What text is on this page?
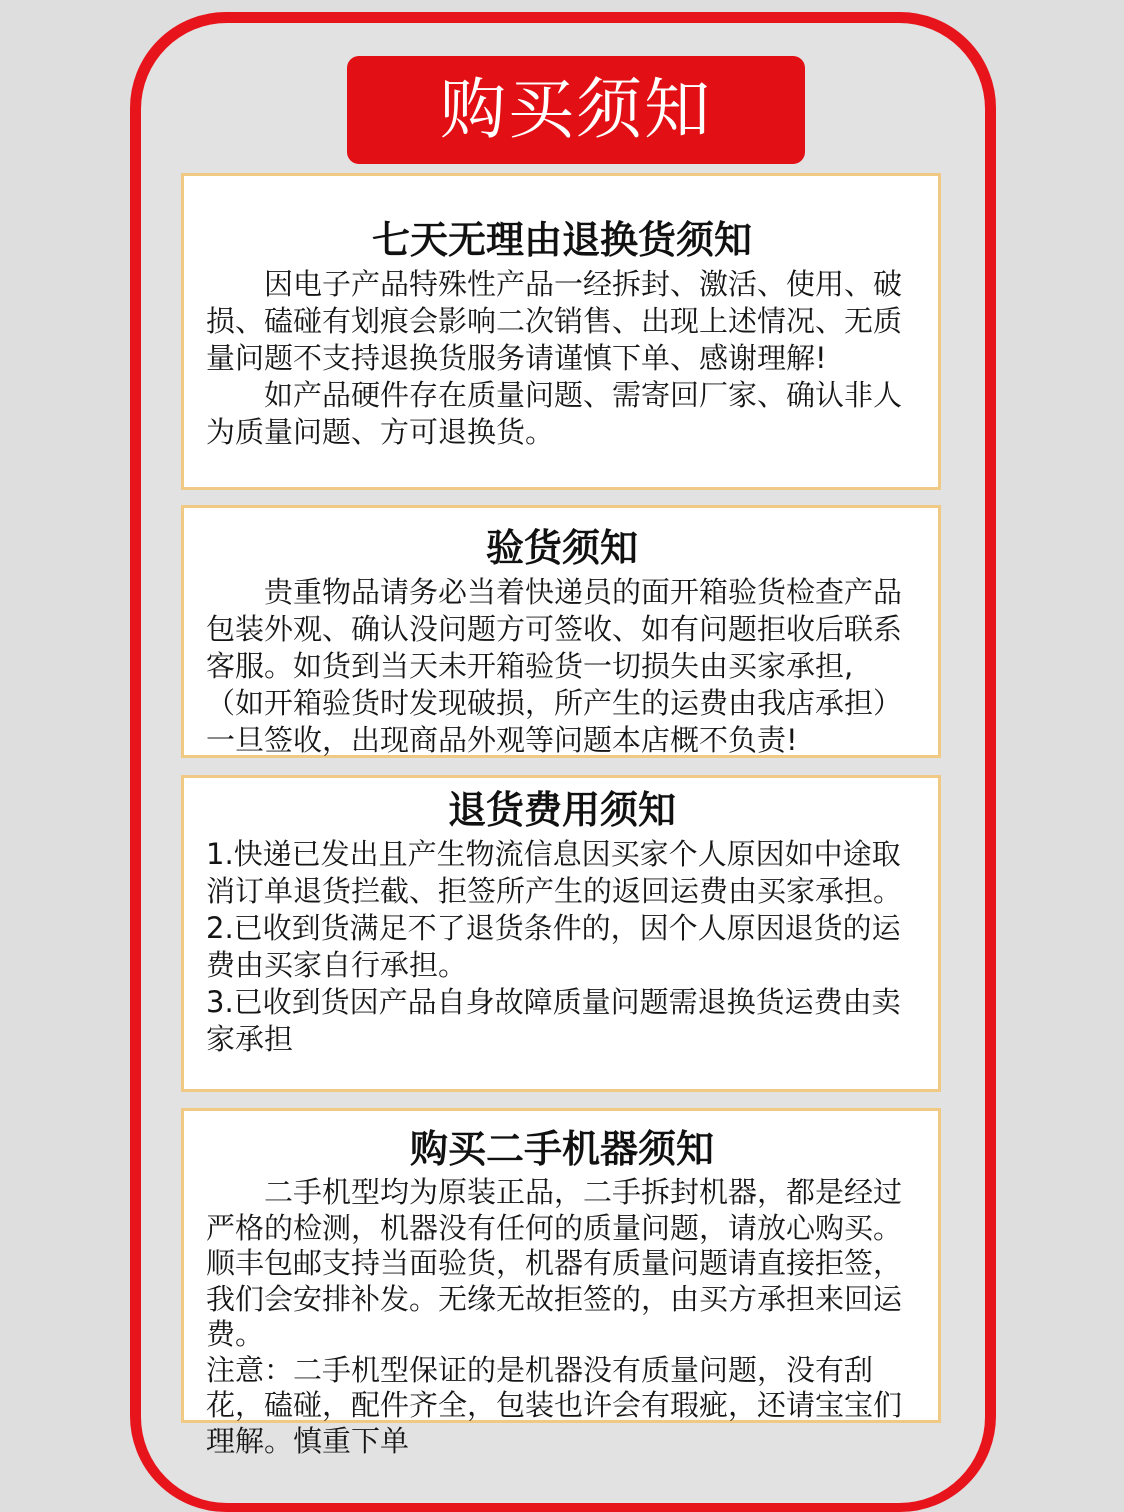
购买须知
七天无理由退换货须知

因电子产品特殊性产品一经拆封、激活、使用、破损、磕碰有划痕会影响二次销售、出现上述情况、无质量问题不支持退换货服务请谨慎下单、感谢理解!

如产品硬件存在质量问题、需寄回厂家、确认非人为质量问题、方可退换货。

验货须知

贵重物品请务必当着快递员的面开箱验货检查产品包装外观、确认没问题方可签收、如有问题拒收后联系客服。如货到当天未开箱验货一切损失由买家承担,

（如开箱验货时发现破损，所产生的运费由我店承担）一旦签收，出现商品外观等问题本店概不负责!

退货费用须知

1.快递已发出且产生物流信息因买家个人原因如中途取消订单退货拦截、拒签所产生的返回运费由买家承担。

2.已收到货满足不了退货条件的，因个人原因退货的运费由买家自行承担。

3.已收到货因产品自身故障质量问题需退换货运费由卖家承担

购买二手机器须知

二手机型均为原装正品，二手拆封机器，都是经过严格的检测，机器没有任何的质量问题，请放心购买。顺丰包邮支持当面验货，机器有质量问题请直接拒签，我们会安排补发。无缘无故拒签的，由买方承担来回运费。

注意：二手机型保证的是机器没有质量问题，没有刮花，磕碰，配件齐全，包装也许会有瑕疵，还请宝宝们理解。慎重下单
